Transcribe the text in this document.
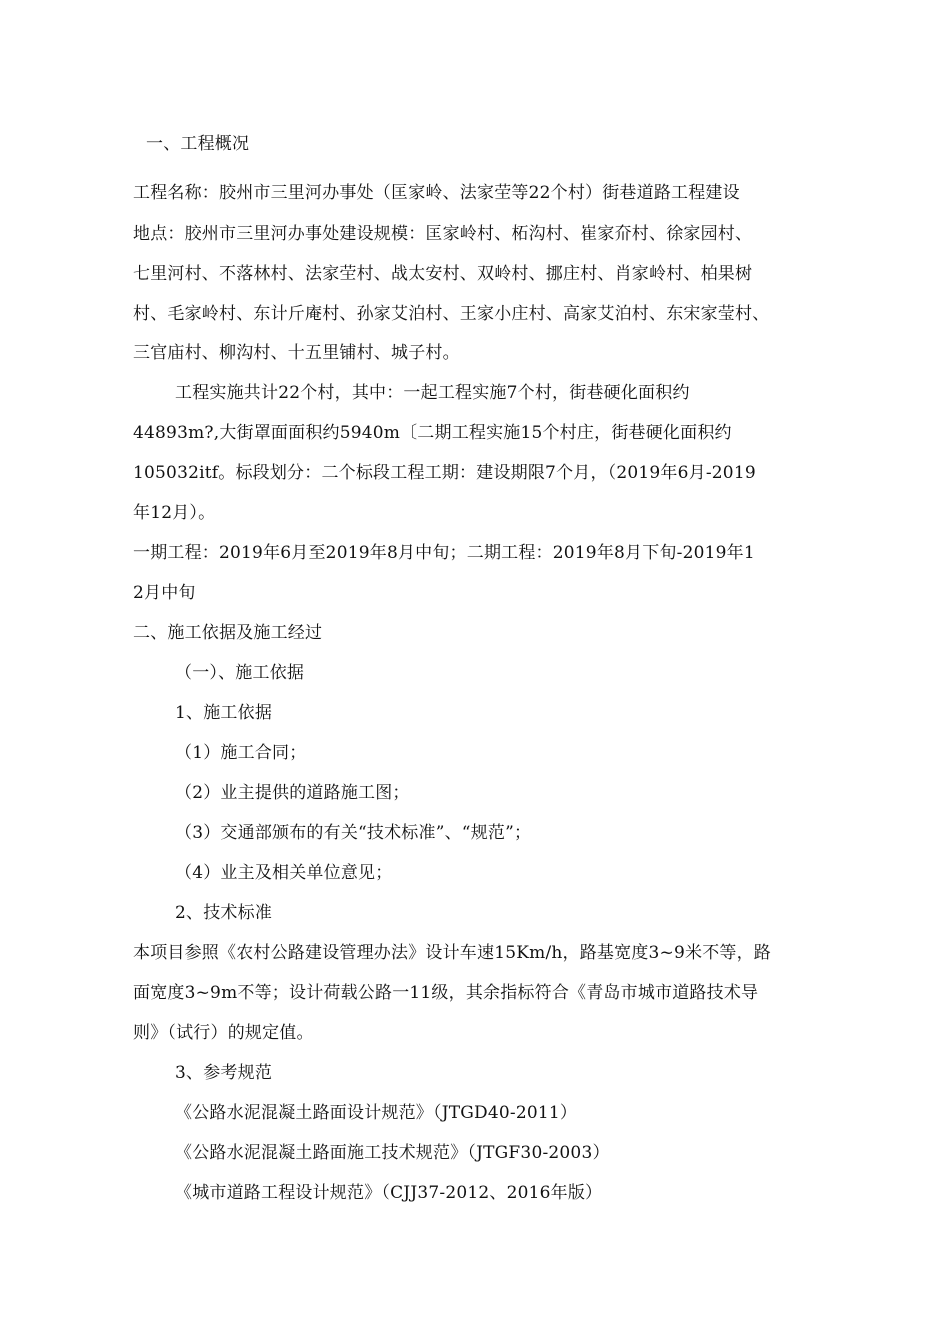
一、工程概况
工程名称：胶州市三里河办事处（匡家岭、法家茔等22个村）街巷道路工程建设
地点：胶州市三里河办事处建设规模：匡家岭村、柘沟村、崔家夼村、徐家园村、
七里河村、不落林村、法家茔村、战太安村、双岭村、挪庄村、肖家岭村、柏果树
村、毛家岭村、东计斤庵村、孙家艾泊村、王家小庄村、高家艾泊村、东宋家莹村、
三官庙村、柳沟村、十五里铺村、城子村。
工程实施共计22个村，其中：一起工程实施7个村，街巷硬化面积约
44893m?,大街罩面面积约5940m〔二期工程实施15个村庄，街巷硬化面积约
105032itf。标段划分：二个标段工程工期：建设期限7个月，（2019年6月-2019
年12月）。
一期工程：2019年6月至2019年8月中旬；二期工程：2019年8月下旬-2019年1
2月中旬
二、施工依据及施工经过
（一）、施工依据
1、施工依据
（1）施工合同；
（2）业主提供的道路施工图；
（3）交通部颁布的有关“技术标准”、“规范”；
（4）业主及相关单位意见；
2、技术标准
本项目参照《农村公路建设管理办法》设计车速15Km/h，路基宽度3~9米不等，路
面宽度3~9m不等；设计荷载公路一11级，其余指标符合《青岛市城市道路技术导
则》（试行）的规定值。
3、参考规范
《公路水泥混凝土路面设计规范》（JTGD40-2011）
《公路水泥混凝土路面施工技术规范》（JTGF30-2003）
《城市道路工程设计规范》（CJJ37-2012、2016年版）
